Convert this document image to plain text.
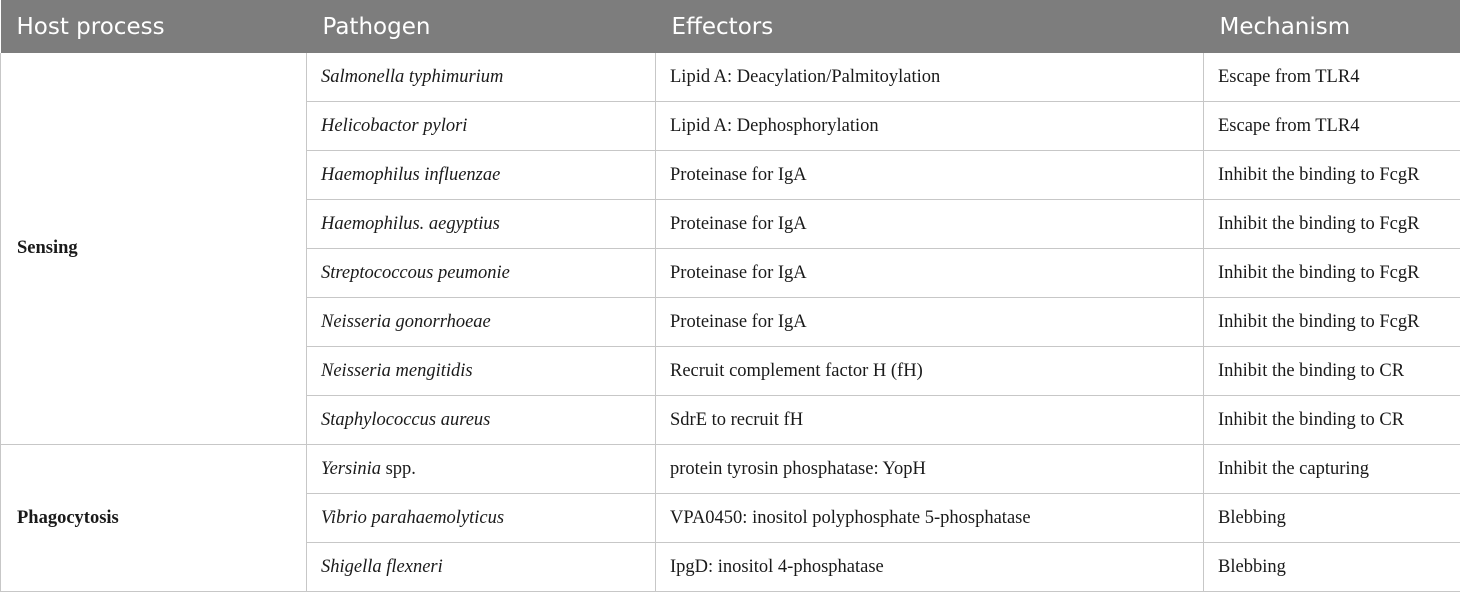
Host process	Pathogen	Effectors	Mechanism
Sensing	Salmonella typhimurium	Lipid A: Deacylation/Palmitoylation	Escape from TLR4
	Helicobactor pylori	Lipid A: Dephosphorylation	Escape from TLR4
	Haemophilus influenzae	Proteinase for IgA	Inhibit the binding to FcgR
	Haemophilus. aegyptius	Proteinase for IgA	Inhibit the binding to FcgR
	Streptococcous peumonie	Proteinase for IgA	Inhibit the binding to FcgR
	Neisseria gonorrhoeae	Proteinase for IgA	Inhibit the binding to FcgR
	Neisseria mengitidis	Recruit complement factor H (fH)	Inhibit the binding to CR
	Staphylococcus aureus	SdrE to recruit fH	Inhibit the binding to CR
Phagocytosis	Yersinia spp.	protein tyrosin phosphatase: YopH	Inhibit the capturing
	Vibrio parahaemolyticus	VPA0450: inositol polyphosphate 5-phosphatase	Blebbing
	Shigella flexneri	IpgD: inositol 4-phosphatase	Blebbing
